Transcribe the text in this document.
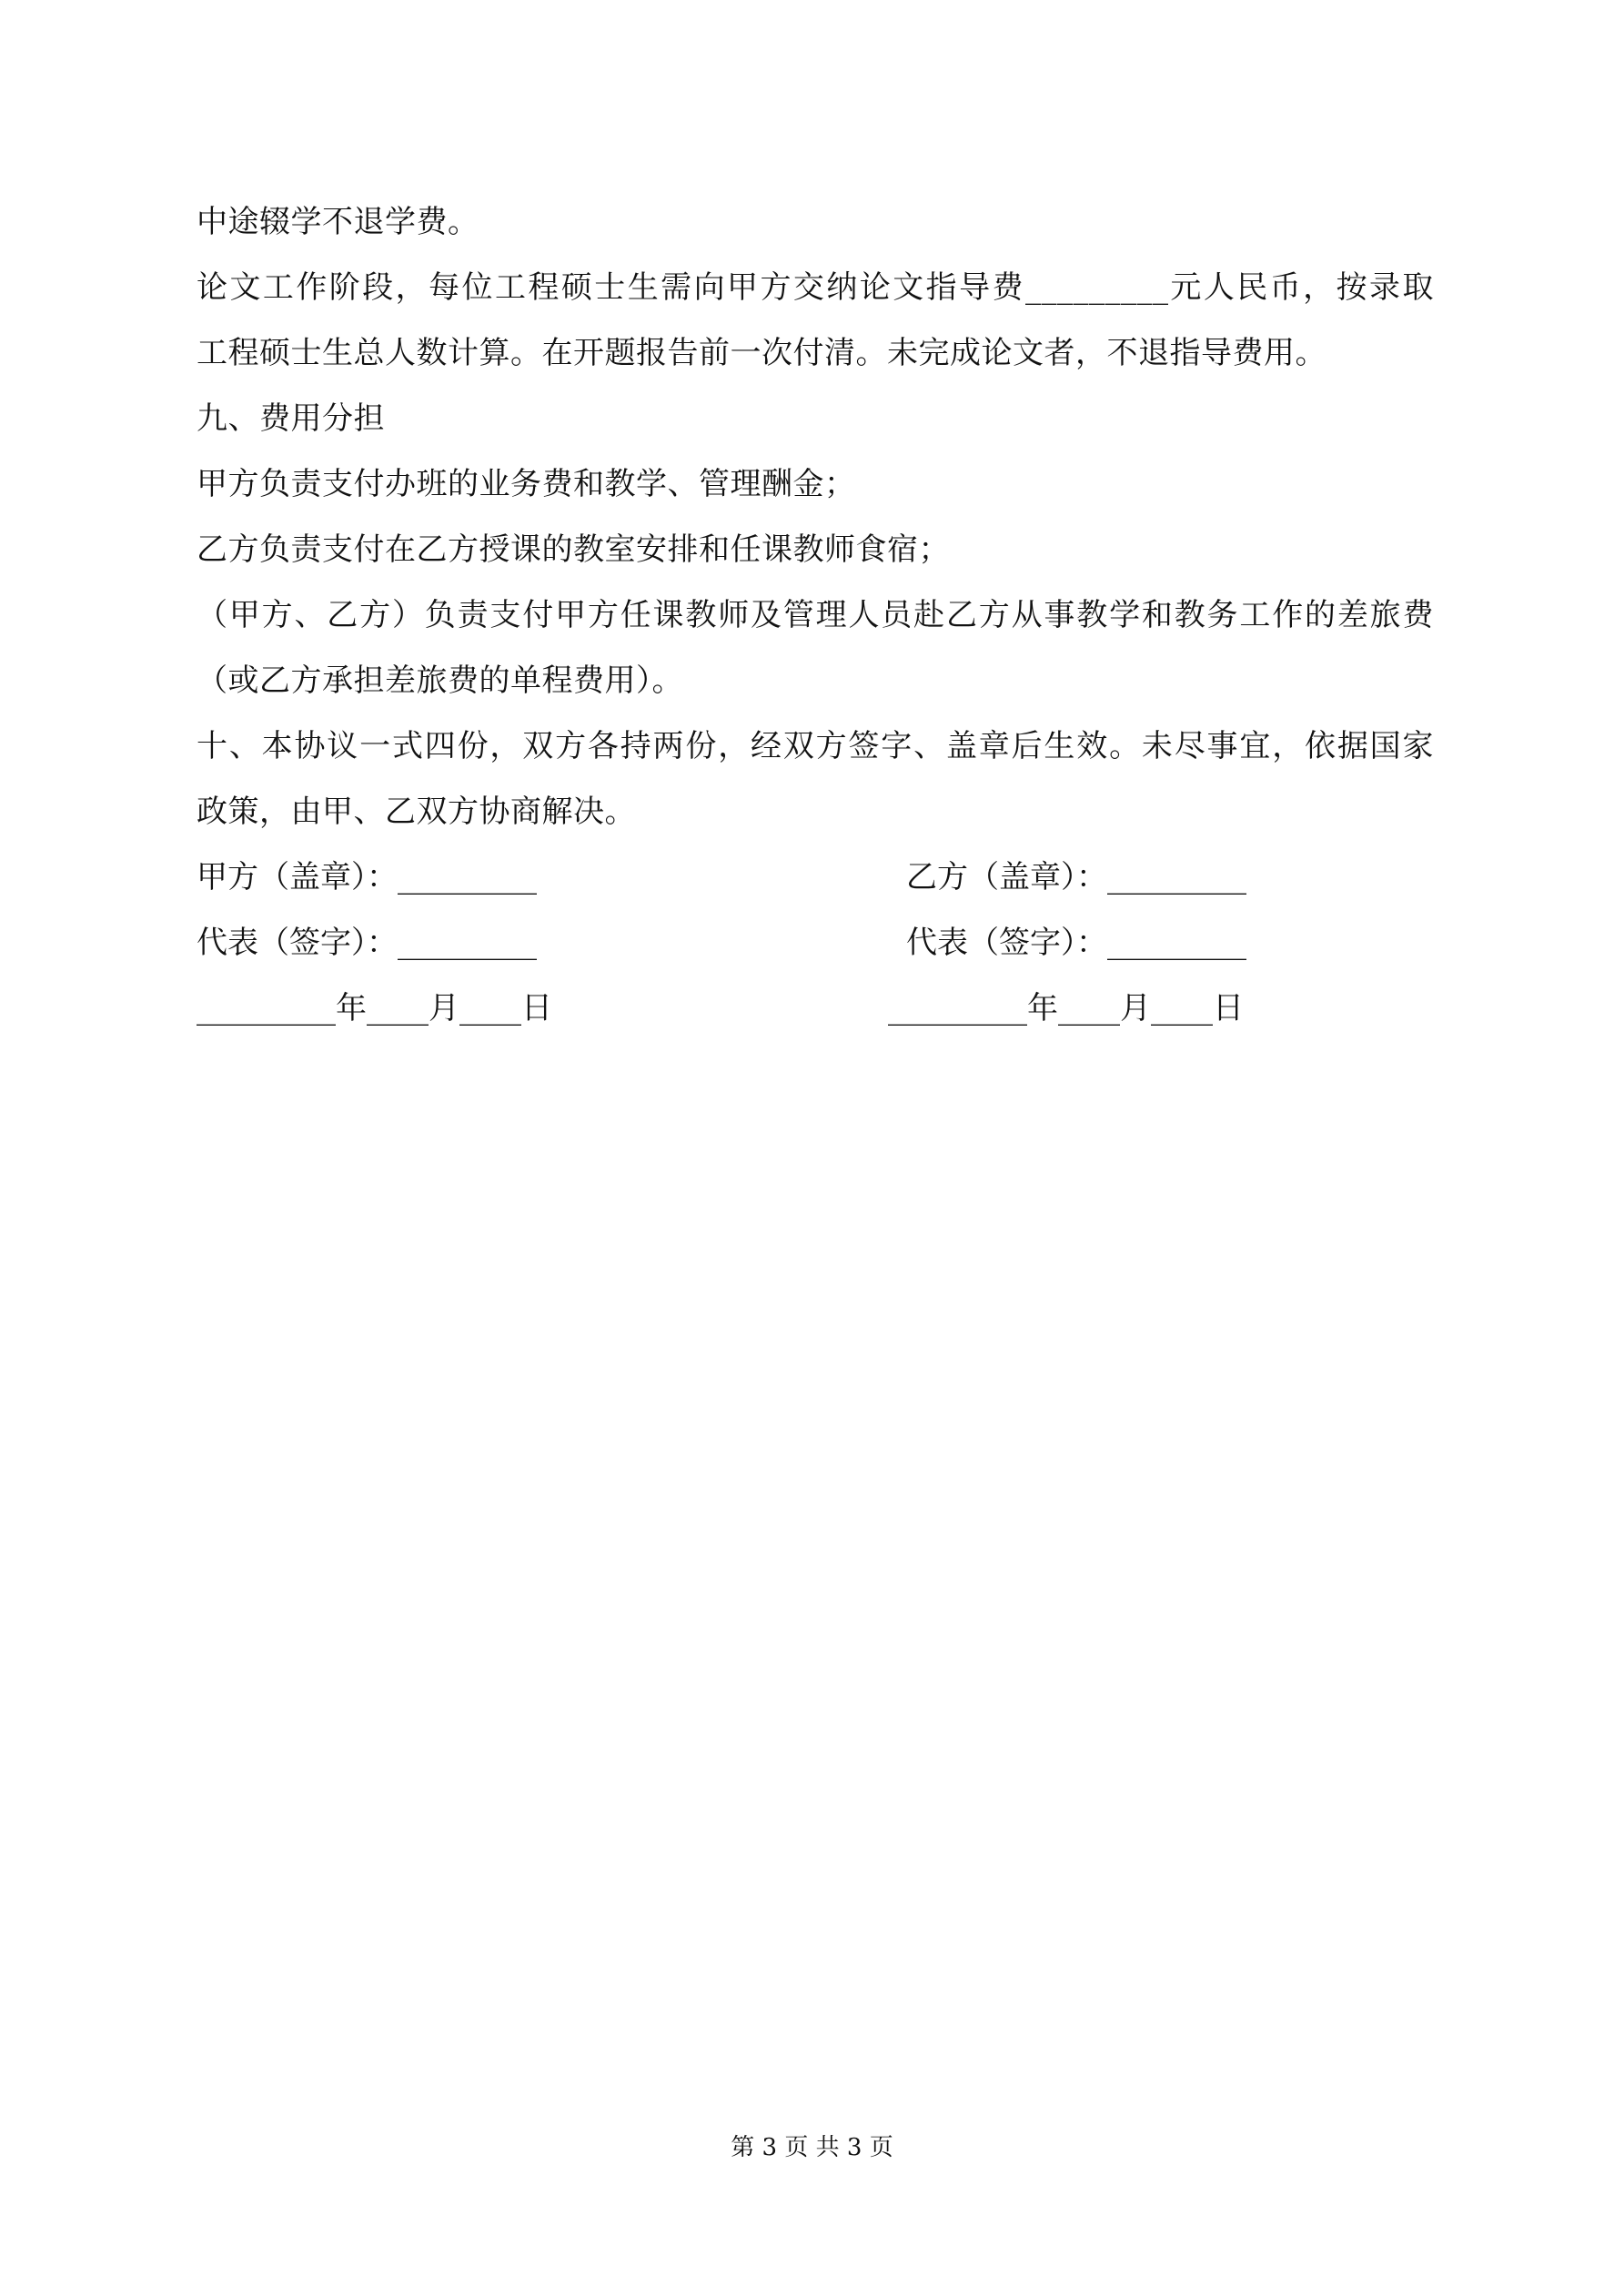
中途辍学不退学费。
论文工作阶段，每位工程硕士生需向甲方交纳论文指导费_________元人民币，按录取
工程硕士生总人数计算。在开题报告前一次付清。未完成论文者，不退指导费用。
九、费用分担
甲方负责支付办班的业务费和教学、管理酬金；
乙方负责支付在乙方授课的教室安排和任课教师食宿；
（甲方、乙方）负责支付甲方任课教师及管理人员赴乙方从事教学和教务工作的差旅费
（或乙方承担差旅费的单程费用）。
十、本协议一式四份，双方各持两份，经双方签字、盖章后生效。未尽事宜，依据国家
政策，由甲、乙双方协商解决。
甲方（盖章）：_________	乙方（盖章）：_________
代表（签字）：_________	代表（签字）：_________
_________年____月____日	_________年____月____日
第 3 页 共 3 页
